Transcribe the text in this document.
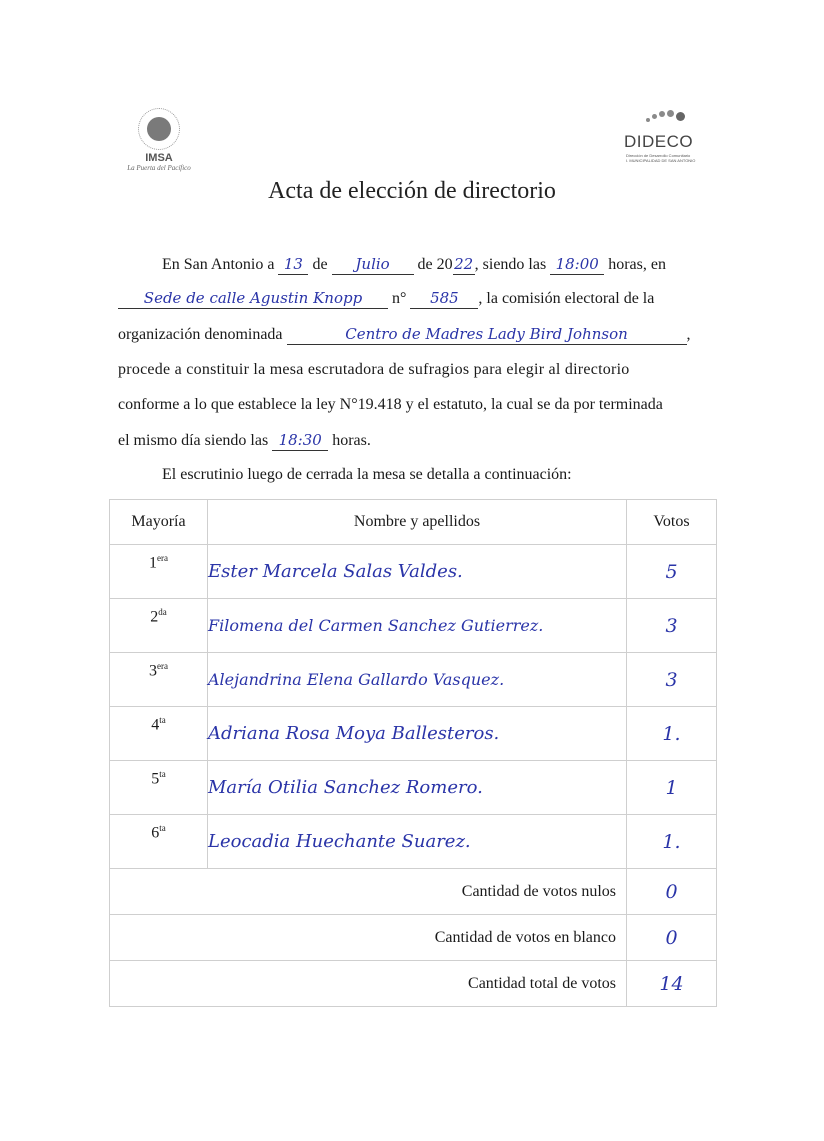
IMSA
La Puerta del Pacífico
DIDECO
Dirección de Desarrollo Comunitario
I. MUNICIPALIDAD DE SAN ANTONIO
Acta de elección de directorio
En San Antonio a 13 de Julio de 2022, siendo las 18:00 horas, en
Sede de calle Agustin Knopp n° 585 , la comisión electoral de la
organización denominada	Centro de Madres Lady Bird Johnson	,
procede a constituir la mesa escrutadora de sufragios para elegir al directorio
conforme a lo que establece la ley N°19.418 y el estatuto, la cual se da por terminada
el mismo día siendo las 18:30 horas.
El escrutinio luego de cerrada la mesa se detalla a continuación:
Mayoría	Nombre y apellidos	Votos
$1^{era}$	Ester Marcela Salas Valdes.	5
$2^{da}$	Filomena del Carmen Sanchez Gutierrez.	3
$3^{era}$	Alejandrina Elena Gallardo Vasquez.	3
$4^{ta}$	Adriana Rosa Moya Ballesteros.	1.
$5^{ta}$	María Otilia Sanchez Romero.	1
$6^{ta}$	Leocadia Huechante Suarez.	1.
Cantidad de votos nulos		0
Cantidad de votos en blanco		0
Cantidad total de votos		14
